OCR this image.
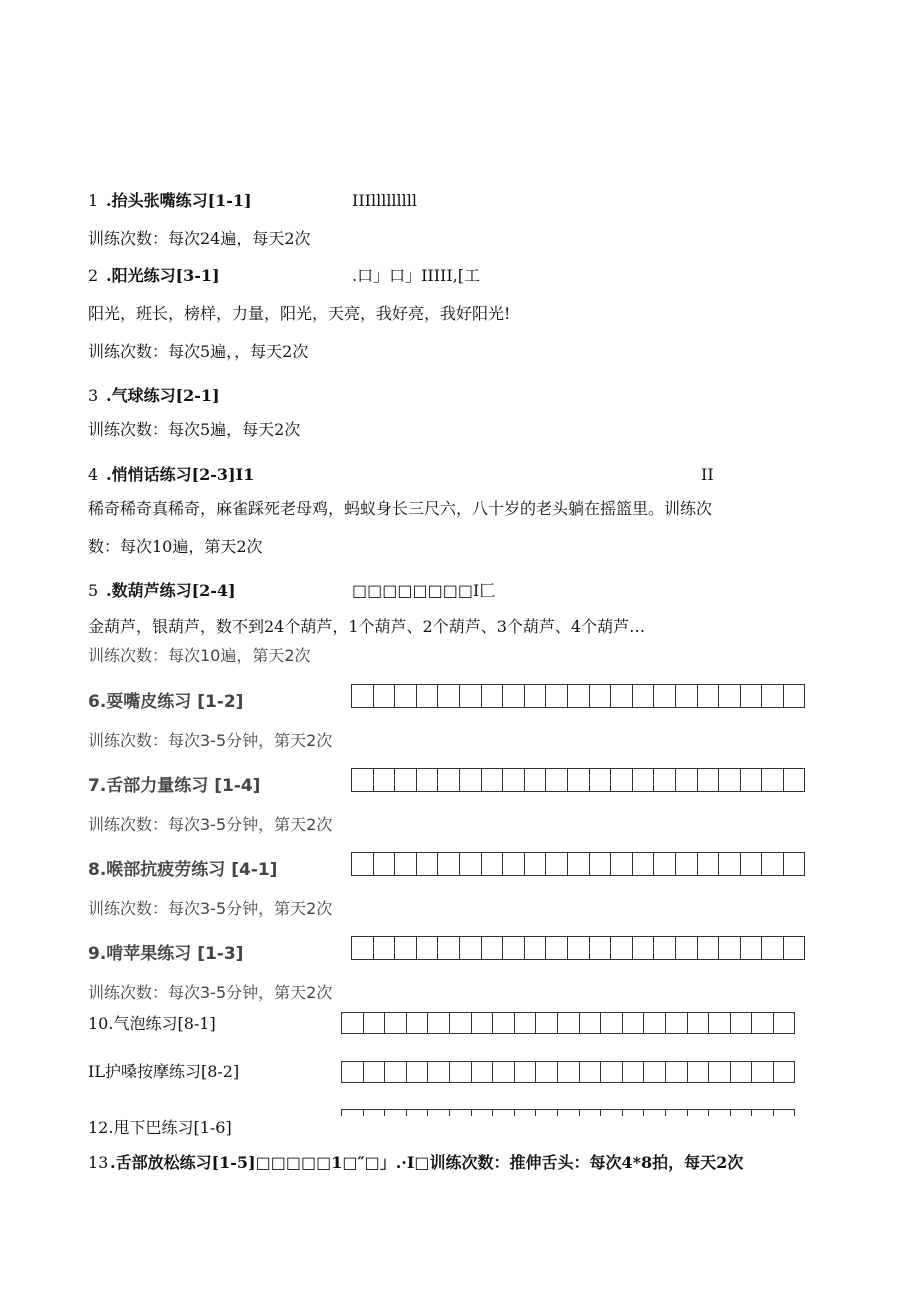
1 .抬头张嘴练习[1-1]	IIIlllllllll
训练次数：每次24遍，每天2次
2 .阳光练习[3-1]	.口」口」IIIII,[工
阳光，班长，榜样，力量，阳光，天亮，我好亮，我好阳光!
训练次数：每次5遍，，每天2次
3 .气球练习[2-1]
训练次数：每次5遍，每天2次
4 .悄悄话练习[2-3]I1	II
稀奇稀奇真稀奇，麻雀踩死老母鸡，蚂蚁身长三尺六，八十岁的老头躺在摇篮里。训练次
数：每次10遍，第天2次
5 .数葫芦练习[2-4]	□□□□□□□□I匚
金葫芦，银葫芦，数不到24个葫芦，1个葫芦、2个葫芦、3个葫芦、4个葫芦…
训练次数：每次10遍，第天2次
6.耍嘴皮练习 [1-2]
训练次数：每次3-5分钟，第天2次
7.舌部力量练习 [1-4]
训练次数：每次3-5分钟，第天2次
8.喉部抗疲劳练习 [4-1]
训练次数：每次3-5分钟，第天2次
9.啃苹果练习 [1-3]
训练次数：每次3-5分钟，第天2次
10.气泡练习[8-1]
IL护嗓按摩练习[8-2]
12.甩下巴练习[1-6]
13 .舌部放松练习[1-5]□□□□□1□″□」.·I□训练次数：推伸舌头：每次4*8拍，每天2次
